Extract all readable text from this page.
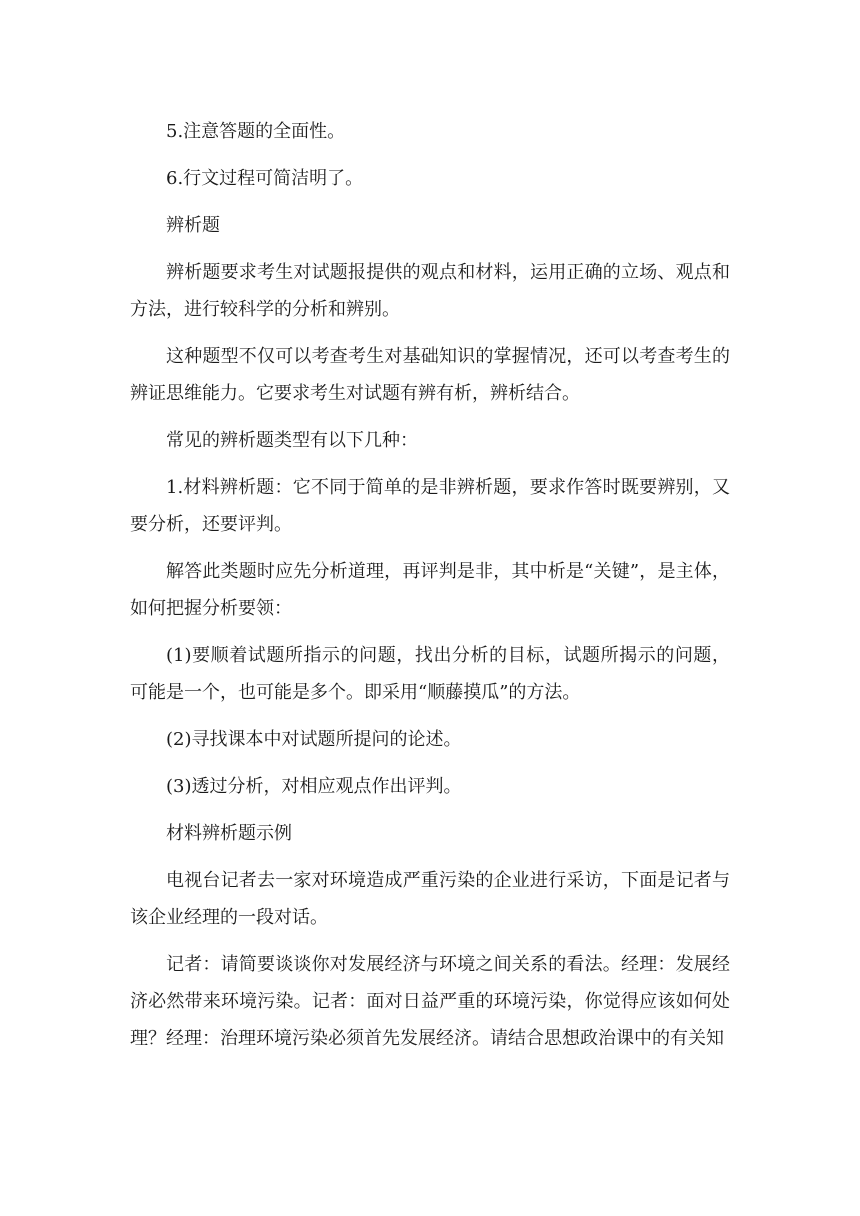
5.注意答题的全面性。

6.行文过程可简洁明了。

辨析题

辨析题要求考生对试题报提供的观点和材料，运用正确的立场、观点和方法，进行较科学的分析和辨别。

这种题型不仅可以考查考生对基础知识的掌握情况，还可以考查考生的辨证思维能力。它要求考生对试题有辨有析，辨析结合。

常见的辨析题类型有以下几种：

1.材料辨析题：它不同于简单的是非辨析题，要求作答时既要辨别，又要分析，还要评判。

解答此类题时应先分析道理，再评判是非，其中析是“关键”，是主体，如何把握分析要领：

(1)要顺着试题所指示的问题，找出分析的目标，试题所揭示的问题，可能是一个，也可能是多个。即采用“顺藤摸瓜”的方法。

(2)寻找课本中对试题所提问的论述。

(3)透过分析，对相应观点作出评判。

材料辨析题示例

电视台记者去一家对环境造成严重污染的企业进行采访，下面是记者与该企业经理的一段对话。

记者：请简要谈谈你对发展经济与环境之间关系的看法。经理：发展经济必然带来环境污染。记者：面对日益严重的环境污染，你觉得应该如何处理？经理：治理环境污染必须首先发展经济。请结合思想政治课中的有关知
